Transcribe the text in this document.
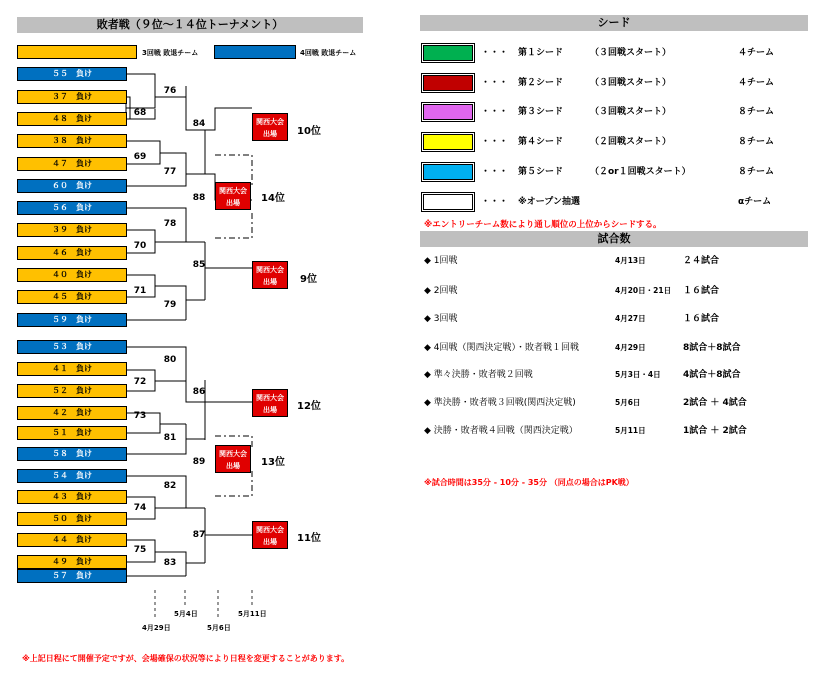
敗者戦（９位～１４位トーナメント）
3回戦 敗退チーム	4回戦 敗退チーム
５５　負け
３７　負け
４８　負け
３８　負け
４７　負け
６０　負け
５６　負け
３９　負け
４６　負け
４０　負け
４５　負け
５９　負け
５３　負け
４１　負け
５２　負け
４２　負け
５１　負け
５８　負け
５４　負け
４３　負け
５０　負け
４４　負け
４９　負け
５７　負け
76
68
84
69
77
88
78
70
85
71
79
80
72
86
73
81
89
82
74
87
75
83
関西大会
出場
関西大会
出場
関西大会
出場
関西大会
出場
関西大会
出場
関西大会
出場
10位
14位
9位
12位
13位
11位
4月29日
5月4日
5月6日
5月11日
※上記日程にて開催予定ですが、会場確保の状況等により日程を変更することがあります。
シード
・・・ 第１シード	（３回戦スタート）	４チーム
・・・ 第２シード	（３回戦スタート）	４チーム
・・・ 第３シード	（３回戦スタート）	８チーム
・・・ 第４シード	（２回戦スタート）	８チーム
・・・ 第５シード	（２or１回戦スタート）	８チーム
・・・ ※オープン抽選	αチーム
※エントリーチーム数により通し順位の上位からシードする。
試合数
◆ 1回戦	4月13日	２４試合
◆ 2回戦	4月20日・21日 １６試合
◆ 3回戦	4月27日	１６試合
◆ 4回戦（関西決定戦）・敗者戦１回戦	4月29日	8試合＋8試合
◆ 準々決勝・敗者戦２回戦	5月3日・4日 4試合＋8試合
◆ 準決勝・敗者戦３回戦(関西決定戦)	5月6日	2試合 ＋ 4試合
◆ 決勝・敗者戦４回戦（関西決定戦）	5月11日	1試合 ＋ 2試合
※試合時間は35分 - 10分 - 35分 （同点の場合はPK戦）
